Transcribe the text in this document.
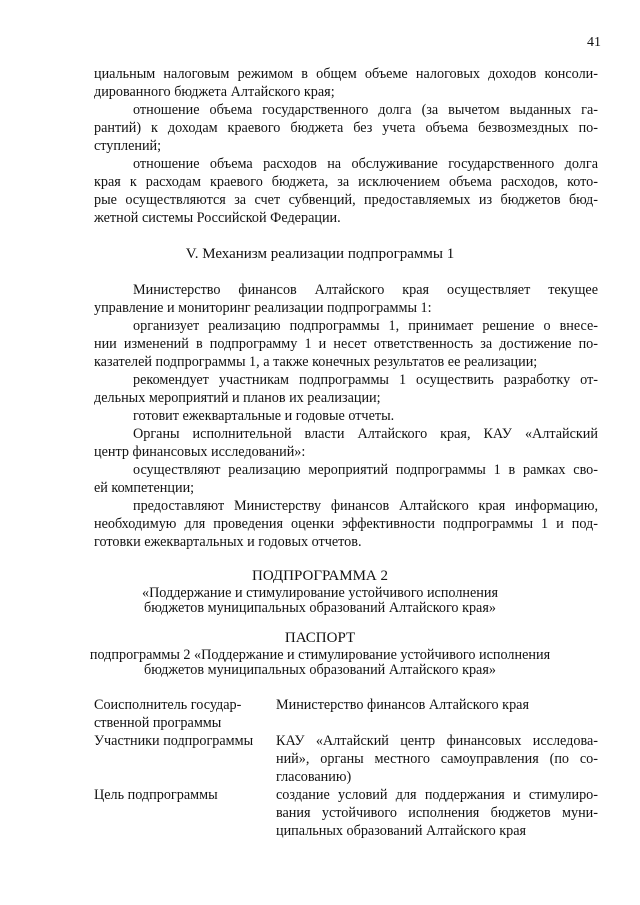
41
циальным налоговым режимом в общем объеме налоговых доходов консоли-
дированного бюджета Алтайского края;
отношение объема государственного долга (за вычетом выданных га-
рантий) к доходам краевого бюджета без учета объема безвозмездных по-
ступлений;
отношение объема расходов на обслуживание государственного долга
края к расходам краевого бюджета, за исключением объема расходов, кото-
рые осуществляются за счет субвенций, предоставляемых из бюджетов бюд-
жетной системы Российской Федерации.
V. Механизм реализации подпрограммы 1
Министерство финансов Алтайского края осуществляет текущее
управление и мониторинг реализации подпрограммы 1:
организует реализацию подпрограммы 1, принимает решение о внесе-
нии изменений в подпрограмму 1 и несет ответственность за достижение по-
казателей подпрограммы 1, а также конечных результатов ее реализации;
рекомендует участникам подпрограммы 1 осуществить разработку от-
дельных мероприятий и планов их реализации;
готовит ежеквартальные и годовые отчеты.
Органы исполнительной власти Алтайского края, КАУ «Алтайский
центр финансовых исследований»:
осуществляют реализацию мероприятий подпрограммы 1 в рамках сво-
ей компетенции;
предоставляют Министерству финансов Алтайского края информацию,
необходимую для проведения оценки эффективности подпрограммы 1 и под-
готовки ежеквартальных и годовых отчетов.
ПОДПРОГРАММА 2
«Поддержание и стимулирование устойчивого исполнения
бюджетов муниципальных образований Алтайского края»
ПАСПОРТ
подпрограммы 2 «Поддержание и стимулирование устойчивого исполнения
бюджетов муниципальных образований Алтайского края»
Соисполнитель государ-
ственной программы
Министерство финансов Алтайского края
Участники подпрограммы	КАУ «Алтайский центр финансовых исследова-
ний», органы местного самоуправления (по со-
гласованию)
Цель подпрограммы	создание условий для поддержания и стимулиро-
вания устойчивого исполнения бюджетов муни-
ципальных образований Алтайского края
